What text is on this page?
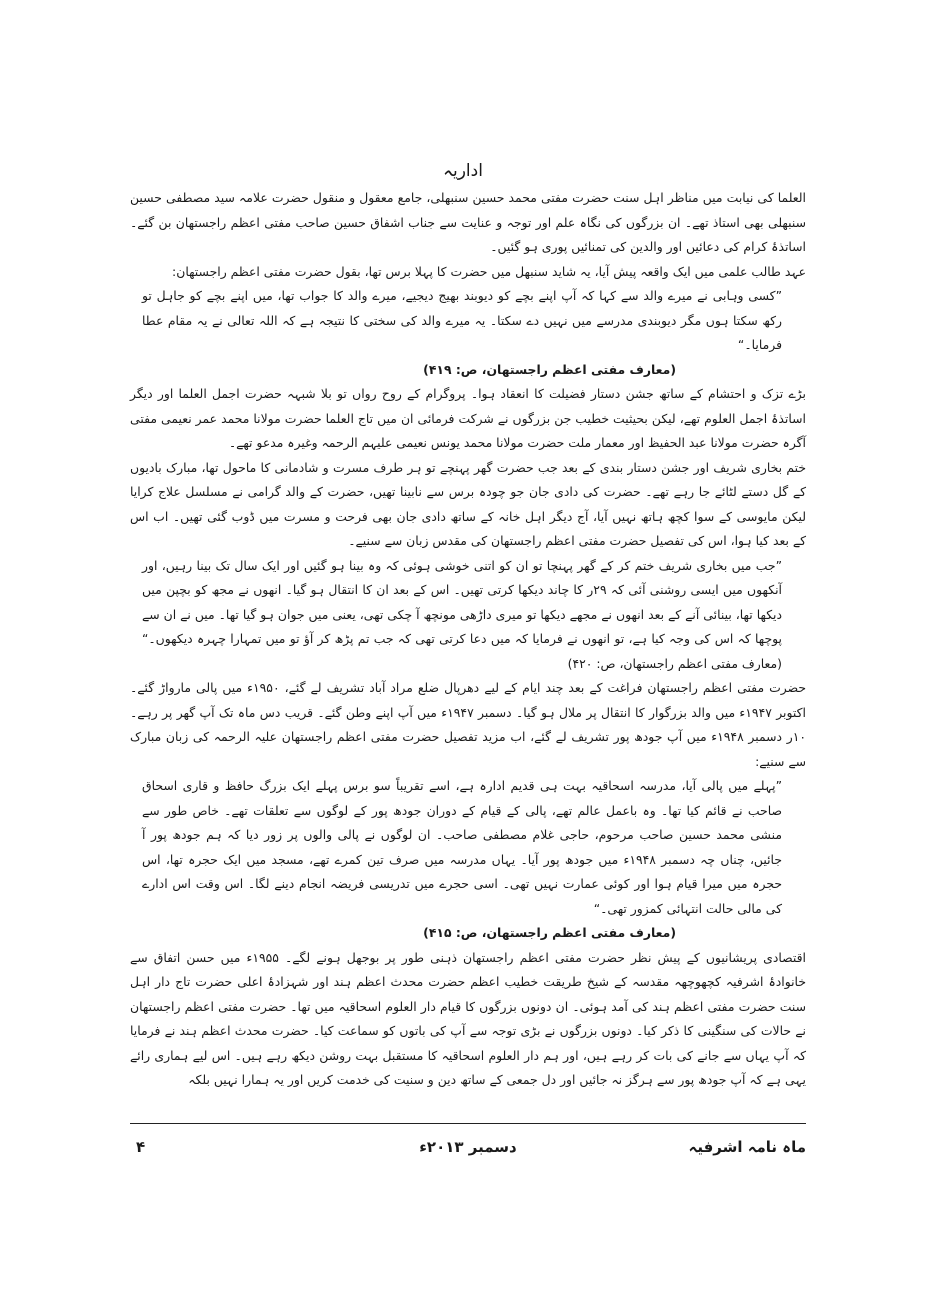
اداریہ

العلما کی نیابت میں مناظر اہل سنت حضرت مفتی محمد حسین سنبھلی، جامع معقول و منقول حضرت علامہ سید مصطفی حسین سنبھلی بھی استاذ تھے۔ ان بزرگوں کی نگاہ علم اور توجہ و عنایت سے جناب اشفاق حسین صاحب مفتی اعظم راجستھان بن گئے۔ اساتذۂ کرام کی دعائیں اور والدین کی تمنائیں پوری ہو گئیں۔

عہد طالب علمی میں ایک واقعہ پیش آیا، یہ شاید سنبھل میں حضرت کا پہلا برس تھا، بقول حضرت مفتی اعظم راجستھان:

”کسی وہابی نے میرے والد سے کہا کہ آپ اپنے بچے کو دیوبند بھیج دیجیے، میرے والد کا جواب تھا، میں اپنے بچے کو جاہل تو رکھ سکتا ہوں مگر دیوبندی مدرسے میں نہیں دے سکتا۔ یہ میرے والد کی سختی کا نتیجہ ہے کہ اللہ تعالی نے یہ مقام عطا فرمایا۔“

(معارف مفتی اعظم راجستھان، ص: ۴۱۹)

بڑے تزک و احتشام کے ساتھ جشن دستار فضیلت کا انعقاد ہوا۔ پروگرام کے روح رواں تو بلا شبہہ حضرت اجمل العلما اور دیگر اساتذۂ اجمل العلوم تھے، لیکن بحیثیت خطیب جن بزرگوں نے شرکت فرمائی ان میں تاج العلما حضرت مولانا محمد عمر نعیمی مفتی آگرہ حضرت مولانا عبد الحفیظ اور معمار ملت حضرت مولانا محمد یونس نعیمی علیہم الرحمہ وغیرہ مدعو تھے۔

ختم بخاری شریف اور جشن دستار بندی کے بعد جب حضرت گھر پہنچے تو ہر طرف مسرت و شادمانی کا ماحول تھا، مبارک بادیوں کے گل دستے لٹائے جا رہے تھے۔ حضرت کی دادی جان جو چودہ برس سے نابینا تھیں، حضرت کے والد گرامی نے مسلسل علاج کرایا لیکن مایوسی کے سوا کچھ ہاتھ نہیں آیا، آج دیگر اہل خانہ کے ساتھ دادی جان بھی فرحت و مسرت میں ڈوب گئی تھیں۔ اب اس کے بعد کیا ہوا، اس کی تفصیل حضرت مفتی اعظم راجستھان کی مقدس زبان سے سنیے۔

”جب میں بخاری شریف ختم کر کے گھر پہنچا تو ان کو اتنی خوشی ہوئی کہ وہ بینا ہو گئیں اور ایک سال تک بینا رہیں، اور آنکھوں میں ایسی روشنی آئی کہ ۲۹ر کا چاند دیکھا کرتی تھیں۔ اس کے بعد ان کا انتقال ہو گیا۔ انھوں نے مجھ کو بچپن میں دیکھا تھا، بینائی آنے کے بعد انھوں نے مجھے دیکھا تو میری داڑھی مونچھ آ چکی تھی، یعنی میں جوان ہو گیا تھا۔ میں نے ان سے پوچھا کہ اس کی وجہ کیا ہے، تو انھوں نے فرمایا کہ میں دعا کرتی تھی کہ جب تم پڑھ کر آؤ تو میں تمہارا چہرہ دیکھوں۔“ (معارف مفتی اعظم راجستھان، ص: ۴۲۰)

حضرت مفتی اعظم راجستھان فراغت کے بعد چند ایام کے لیے دھرپال ضلع مراد آباد تشریف لے گئے، ۱۹۵۰ء میں پالی مارواڑ گئے۔ اکتوبر ۱۹۴۷ء میں والد بزرگوار کا انتقال پر ملال ہو گیا۔ دسمبر ۱۹۴۷ء میں آپ اپنے وطن گئے۔ قریب دس ماہ تک آپ گھر پر رہے۔ ۱۰ر دسمبر ۱۹۴۸ء میں آپ جودھ پور تشریف لے گئے، اب مزید تفصیل حضرت مفتی اعظم راجستھان علیہ الرحمہ کی زبان مبارک سے سنیے:

”پہلے میں پالی آیا، مدرسہ اسحاقیہ بہت ہی قدیم ادارہ ہے، اسے تقریباً سو برس پہلے ایک بزرگ حافظ و قاری اسحاق صاحب نے قائم کیا تھا۔ وہ باعمل عالم تھے، پالی کے قیام کے دوران جودھ پور کے لوگوں سے تعلقات تھے۔ خاص طور سے منشی محمد حسین صاحب مرحوم، حاجی غلام مصطفی صاحب۔ ان لوگوں نے پالی والوں پر زور دیا کہ ہم جودھ پور آ جائیں، چناں چہ دسمبر ۱۹۴۸ء میں جودھ پور آیا۔ یہاں مدرسہ میں صرف تین کمرے تھے، مسجد میں ایک حجرہ تھا، اس حجرہ میں میرا قیام ہوا اور کوئی عمارت نہیں تھی۔ اسی حجرے میں تدریسی فریضہ انجام دینے لگا۔ اس وقت اس ادارے کی مالی حالت انتہائی کمزور تھی۔“

(معارف مفتی اعظم راجستھان، ص: ۴۱۵)

اقتصادی پریشانیوں کے پیش نظر حضرت مفتی اعظم راجستھان ذہنی طور پر بوجھل ہونے لگے۔ ۱۹۵۵ء میں حسن اتفاق سے خانوادۂ اشرفیہ کچھوچھہ مقدسہ کے شیخ طریقت خطیب اعظم حضرت محدث اعظم ہند اور شہزادۂ اعلی حضرت تاج دار اہل سنت حضرت مفتی اعظم ہند کی آمد ہوئی۔ ان دونوں بزرگوں کا قیام دار العلوم اسحاقیہ میں تھا۔ حضرت مفتی اعظم راجستھان نے حالات کی سنگینی کا ذکر کیا۔ دونوں بزرگوں نے بڑی توجہ سے آپ کی باتوں کو سماعت کیا۔ حضرت محدث اعظم ہند نے فرمایا کہ آپ یہاں سے جانے کی بات کر رہے ہیں، اور ہم دار العلوم اسحاقیہ کا مستقبل بہت روشن دیکھ رہے ہیں۔ اس لیے ہماری رائے یہی ہے کہ آپ جودھ پور سے ہرگز نہ جائیں اور دل جمعی کے ساتھ دین و سنیت کی خدمت کریں اور یہ ہمارا نہیں بلکہ

ماہ نامہ اشرفیہ
دسمبر ۲۰۱۳ء
۴
